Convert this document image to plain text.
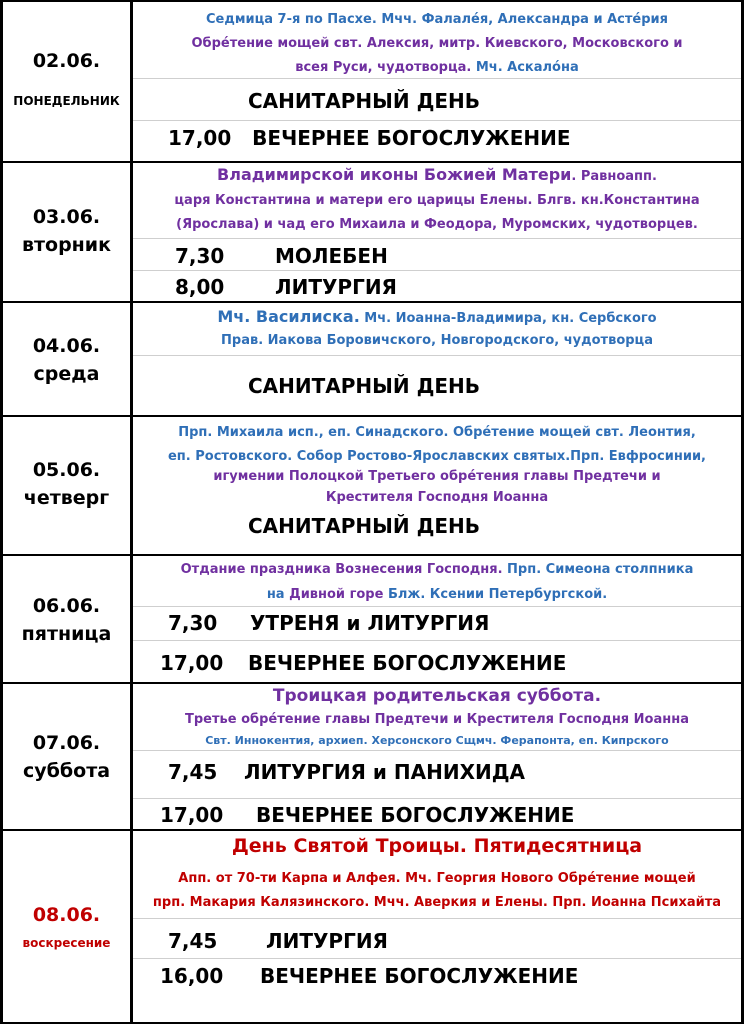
02.06.
ПОНЕДЕЛЬНИК
Седмица 7-я по Пасхе. Мчч. Фалале́я, Александра и Асте́рия
Обре́тение мощей свт. Алексия, митр. Киевского, Московского и
всея Руси, чудотворца. Мч. Аскало́на
САНИТАРНЫЙ ДЕНЬ
17,00 ВЕЧЕРНЕЕ БОГОСЛУЖЕНИЕ
03.06.
вторник
Владимирской иконы Божией Матери. Равноапп.
царя Константина и матери его царицы Елены. Блгв. кн.Константина
(Ярослава) и чад его Михаила и Феодора, Муромских, чудотворцев.
7,30	МОЛЕБЕН
8,00	ЛИТУРГИЯ
04.06.
среда
Мч. Василиска. Мч. Иоанна-Владимира, кн. Сербского
Прав. Иакова Боровичского, Новгородского, чудотворца
САНИТАРНЫЙ ДЕНЬ
05.06.
четверг
Прп. Михаила исп., еп. Синадского. Обре́тение мощей свт. Леонтия,
еп. Ростовского. Собор Ростово-Ярославских святых.Прп. Евфросинии,
игумении Полоцкой Третьего обре́тения главы Предтечи и
Крестителя Господня Иоанна
САНИТАРНЫЙ ДЕНЬ
06.06.
пятница
Отдание праздника Вознесения Господня. Прп. Симеона столпника
на Дивной горе Блж. Ксении Петербургской.
7,30 УТРЕНЯ и ЛИТУРГИЯ
17,00 ВЕЧЕРНЕЕ БОГОСЛУЖЕНИЕ
07.06.
суббота
Троицкая родительская суббота.
Третье обре́тение главы Предтечи и Крестителя Господня Иоанна
Свт. Иннокентия, архиеп. Херсонского Сщмч. Ферапонта, еп. Кипрского
7,45 ЛИТУРГИЯ и ПАНИХИДА
17,00 ВЕЧЕРНЕЕ БОГОСЛУЖЕНИЕ
08.06.
воскресение
День Святой Троицы. Пятидесятница
Апп. от 70-ти Карпа и Алфея. Мч. Георгия Нового Обре́тение мощей
прп. Макария Калязинского. Мчч. Аверкия и Елены. Прп. Иоанна Психайта
7,45 ЛИТУРГИЯ
16,00 ВЕЧЕРНЕЕ БОГОСЛУЖЕНИЕ
